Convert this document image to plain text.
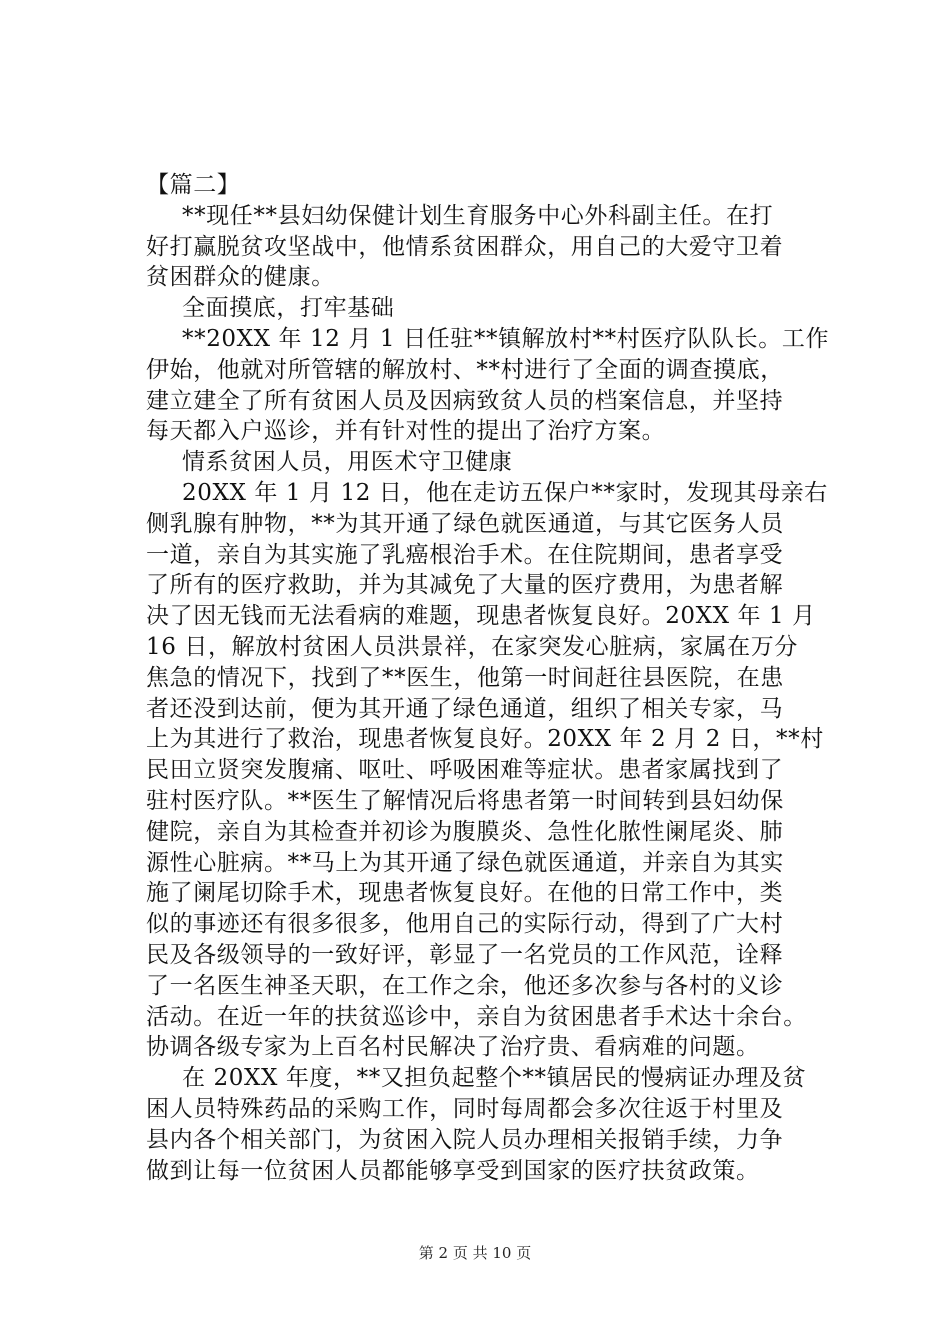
【篇二】
**现任**县妇幼保健计划生育服务中心外科副主任。在打
好打赢脱贫攻坚战中，他情系贫困群众，用自己的大爱守卫着
贫困群众的健康。
全面摸底，打牢基础
**20XX 年 12 月 1 日任驻**镇解放村**村医疗队队长。工作
伊始，他就对所管辖的解放村、**村进行了全面的调查摸底，
建立建全了所有贫困人员及因病致贫人员的档案信息，并坚持
每天都入户巡诊，并有针对性的提出了治疗方案。
情系贫困人员，用医术守卫健康
20XX 年 1 月 12 日，他在走访五保户**家时，发现其母亲右
侧乳腺有肿物，**为其开通了绿色就医通道，与其它医务人员
一道，亲自为其实施了乳癌根治手术。在住院期间，患者享受
了所有的医疗救助，并为其减免了大量的医疗费用，为患者解
决了因无钱而无法看病的难题，现患者恢复良好。20XX 年 1 月
16 日，解放村贫困人员洪景祥，在家突发心脏病，家属在万分
焦急的情况下，找到了**医生，他第一时间赶往县医院，在患
者还没到达前，便为其开通了绿色通道，组织了相关专家，马
上为其进行了救治，现患者恢复良好。20XX 年 2 月 2 日，**村
民田立贤突发腹痛、呕吐、呼吸困难等症状。患者家属找到了
驻村医疗队。**医生了解情况后将患者第一时间转到县妇幼保
健院，亲自为其检查并初诊为腹膜炎、急性化脓性阑尾炎、肺
源性心脏病。**马上为其开通了绿色就医通道，并亲自为其实
施了阑尾切除手术，现患者恢复良好。在他的日常工作中，类
似的事迹还有很多很多，他用自己的实际行动，得到了广大村
民及各级领导的一致好评，彰显了一名党员的工作风范，诠释
了一名医生神圣天职，在工作之余，他还多次参与各村的义诊
活动。在近一年的扶贫巡诊中，亲自为贫困患者手术达十余台。
协调各级专家为上百名村民解决了治疗贵、看病难的问题。
在 20XX 年度，**又担负起整个**镇居民的慢病证办理及贫
困人员特殊药品的采购工作，同时每周都会多次往返于村里及
县内各个相关部门，为贫困入院人员办理相关报销手续，力争
做到让每一位贫困人员都能够享受到国家的医疗扶贫政策。
第 2 页 共 10 页
